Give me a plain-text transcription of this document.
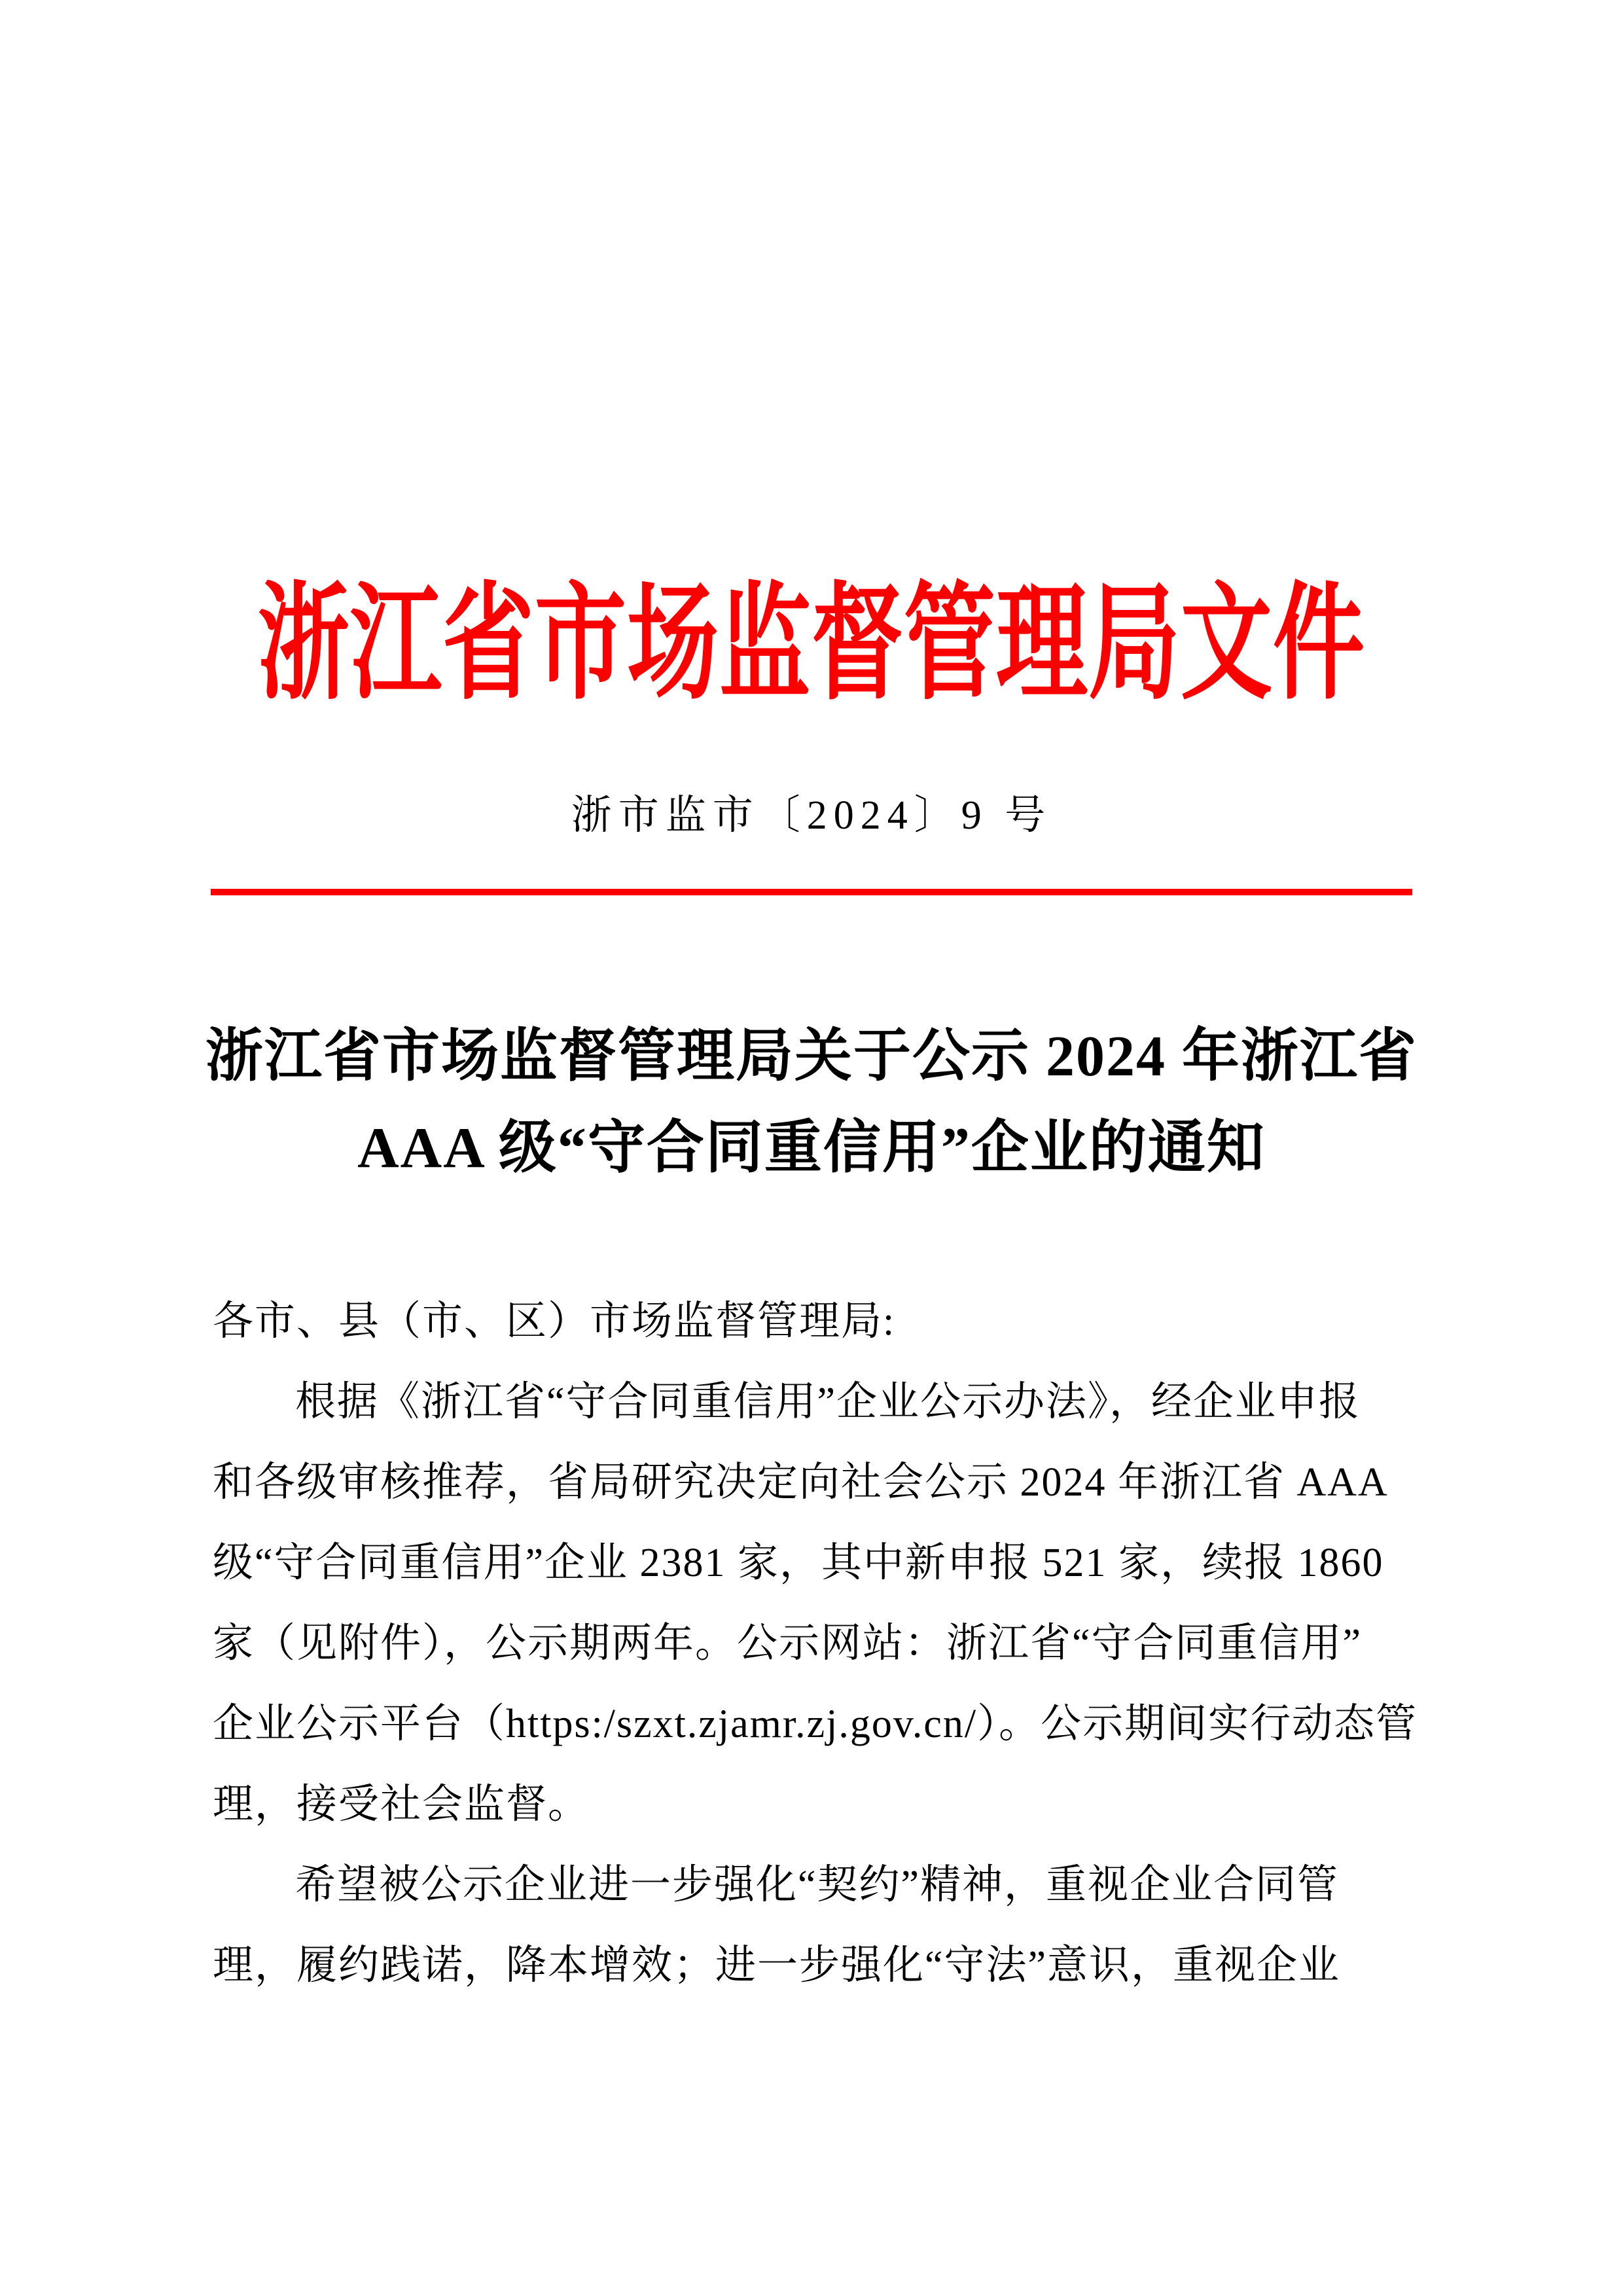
浙江省市场监督管理局文件
浙市监市〔2024〕9 号
浙江省市场监督管理局关于公示 2024 年浙江省
AAA 级“守合同重信用”企业的通知
各市、县（市、区）市场监督管理局:
根据《浙江省“守合同重信用”企业公示办法》，经企业申报
和各级审核推荐，省局研究决定向社会公示 2024 年浙江省 AAA
级“守合同重信用”企业 2381 家，其中新申报 521 家，续报 1860
家（见附件），公示期两年。公示网站：浙江省“守合同重信用”
企业公示平台（https:/szxt.zjamr.zj.gov.cn/）。公示期间实行动态管
理，接受社会监督。
希望被公示企业进一步强化“契约”精神，重视企业合同管
理，履约践诺，降本增效；进一步强化“守法”意识，重视企业
